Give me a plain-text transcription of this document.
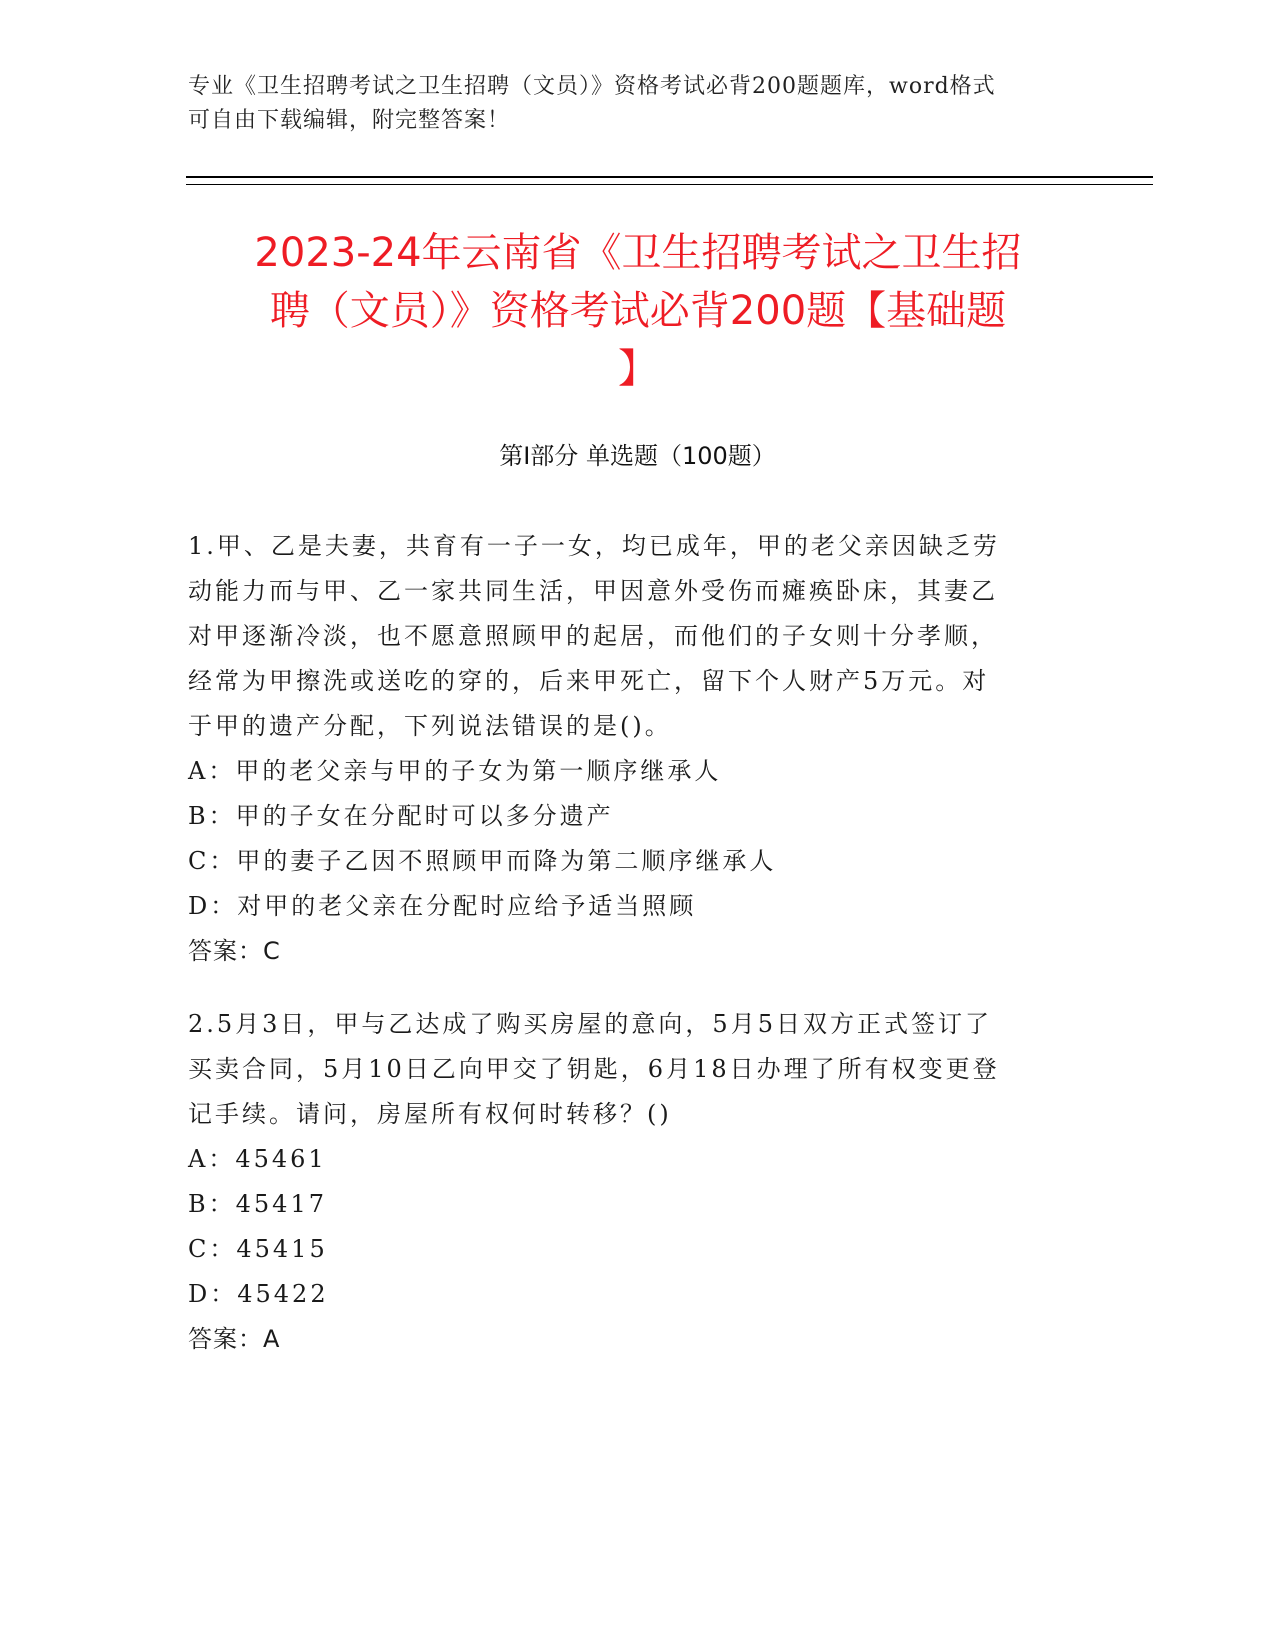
专业《卫生招聘考试之卫生招聘（文员）》资格考试必背200题题库，word格式

可自由下载编辑，附完整答案！

2023-24年云南省《卫生招聘考试之卫生招
聘（文员）》资格考试必背200题【基础题
】
第Ⅰ部分 单选题（100题）

1.甲、乙是夫妻，共育有一子一女，均已成年，甲的老父亲因缺乏劳
动能力而与甲、乙一家共同生活，甲因意外受伤而瘫痪卧床，其妻乙
对甲逐渐冷淡，也不愿意照顾甲的起居，而他们的子女则十分孝顺，
经常为甲擦洗或送吃的穿的，后来甲死亡，留下个人财产5万元。对
于甲的遗产分配，下列说法错误的是()。

A：甲的老父亲与甲的子女为第一顺序继承人

B：甲的子女在分配时可以多分遗产

C：甲的妻子乙因不照顾甲而降为第二顺序继承人

D：对甲的老父亲在分配时应给予适当照顾

答案：C

2.5月3日，甲与乙达成了购买房屋的意向，5月5日双方正式签订了
买卖合同，5月10日乙向甲交了钥匙，6月18日办理了所有权变更登
记手续。请问，房屋所有权何时转移？()

A：45461

B：45417

C：45415

D：45422

答案：A
